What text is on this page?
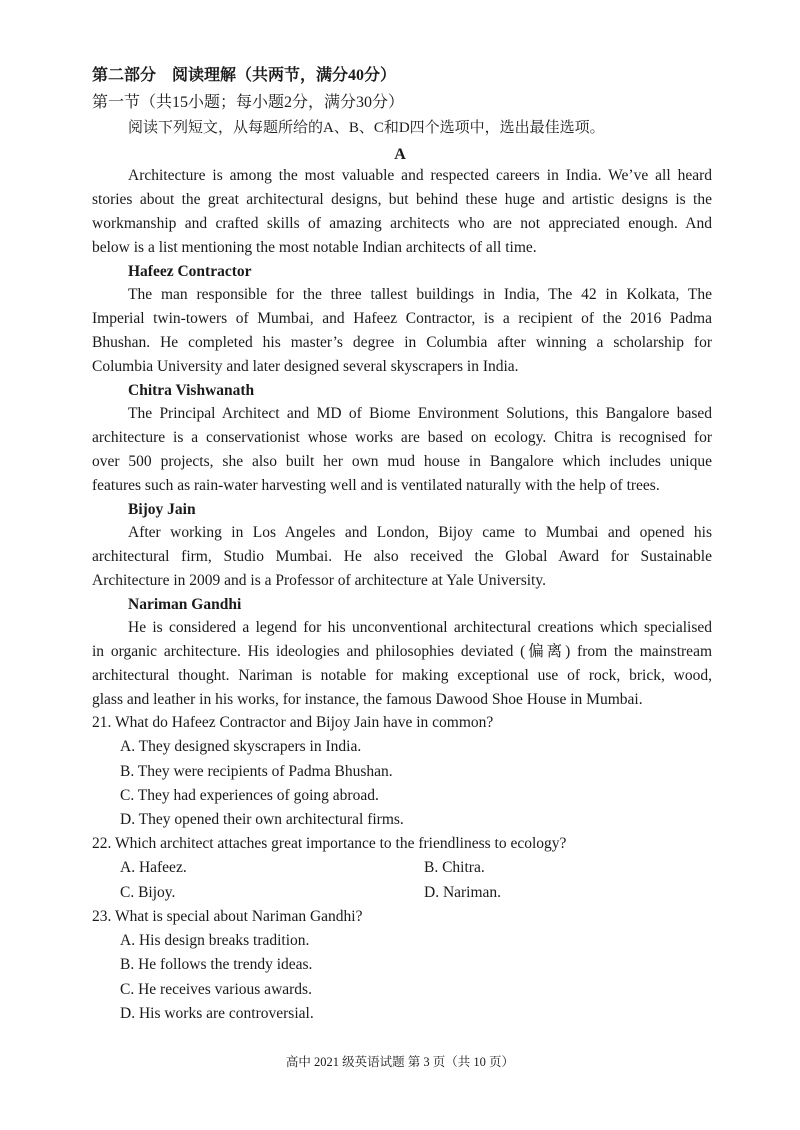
第二部分　阅读理解（共两节，满分40分）
第一节（共15小题；每小题2分，满分30分）
阅读下列短文，从每题所给的A、B、C和D四个选项中，选出最佳选项。
A
Architecture is among the most valuable and respected careers in India. We’ve all heard
stories about the great architectural designs, but behind these huge and artistic designs is the
workmanship and crafted skills of amazing architects who are not appreciated enough. And
below is a list mentioning the most notable Indian architects of all time.
Hafeez Contractor
The man responsible for the three tallest buildings in India, The 42 in Kolkata, The
Imperial twin-towers of Mumbai, and Hafeez Contractor, is a recipient of the 2016 Padma
Bhushan. He completed his master’s degree in Columbia after winning a scholarship for
Columbia University and later designed several skyscrapers in India.
Chitra Vishwanath
The Principal Architect and MD of Biome Environment Solutions, this Bangalore based
architecture is a conservationist whose works are based on ecology. Chitra is recognised for
over 500 projects, she also built her own mud house in Bangalore which includes unique
features such as rain-water harvesting well and is ventilated naturally with the help of trees.
Bijoy Jain
After working in Los Angeles and London, Bijoy came to Mumbai and opened his
architectural firm, Studio Mumbai. He also received the Global Award for Sustainable
Architecture in 2009 and is a Professor of architecture at Yale University.
Nariman Gandhi
He is considered a legend for his unconventional architectural creations which specialised
in organic architecture. His ideologies and philosophies deviated (偏离) from the mainstream
architectural thought. Nariman is notable for making exceptional use of rock, brick, wood,
glass and leather in his works, for instance, the famous Dawood Shoe House in Mumbai.
21. What do Hafeez Contractor and Bijoy Jain have in common?
A. They designed skyscrapers in India.
B. They were recipients of Padma Bhushan.
C. They had experiences of going abroad.
D. They opened their own architectural firms.
22. Which architect attaches great importance to the friendliness to ecology?
A. Hafeez.	B. Chitra.
C. Bijoy.	D. Nariman.
23. What is special about Nariman Gandhi?
A. His design breaks tradition.
B. He follows the trendy ideas.
C. He receives various awards.
D. His works are controversial.
高中 2021 级英语试题 第 3 页（共 10 页）
